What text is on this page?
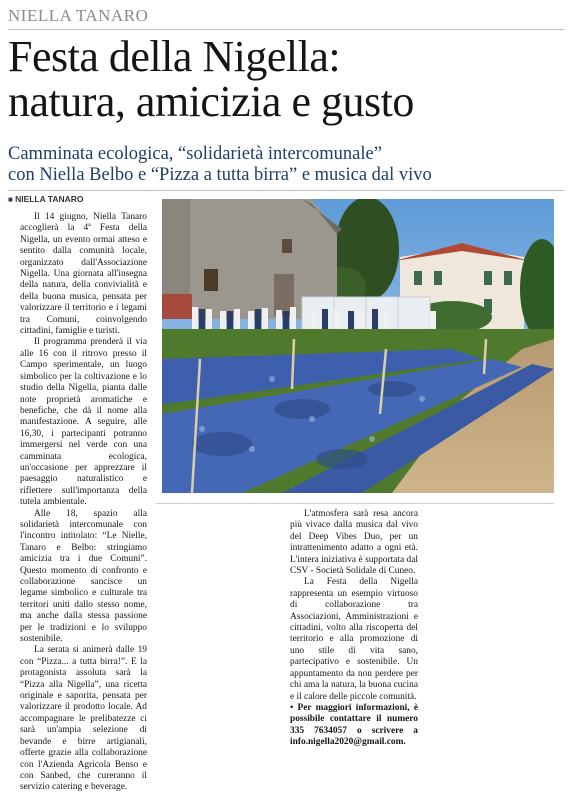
NIELLA TANARO
Festa della Nigella:
natura, amicizia e gusto
Camminata ecologica, “solidarietà intercomunale”
con Niella Belbo e “Pizza a tutta birra” e musica dal vivo
■ NIELLA TANARO

Il 14 giugno, Niella Tanaro accoglierà la 4ª Festa della Nigella, un evento ormai atteso e sentito dalla comunità locale, organizzato dall'Associazione Nigella. Una giornata all'insegna della natura, della convivialità e della buona musica, pensata per valorizzare il territorio e i legami tra Comuni, coinvolgendo cittadini, famiglie e turisti.

Il programma prenderà il via alle 16 con il ritrovo presso il Campo sperimentale, un luogo simbolico per la coltivazione e lo studio della Nigella, pianta dalle note proprietà aromatiche e benefiche, che dà il nome alla manifestazione. A seguire, alle 16,30, i partecipanti potranno immergersi nel verde con una camminata ecologica, un'occasione per apprezzare il paesaggio naturalistico e riflettere sull'importanza della tutela ambientale.

Alle 18, spazio alla solidarietà intercomunale con l'incontro intitolato: “Le Nielle, Tanaro e Belbo: stringiamo amicizia tra i due Comuni”. Questo momento di confronto e collaborazione sancisce un legame simbolico e culturale tra territori uniti dallo stesso nome, ma anche dalla stessa passione per le tradizioni e lo sviluppo sostenibile.

La serata si animerà dalle 19 con “Pizza... a tutta birra!”. E la protagonista assoluta sarà la “Pizza alla Nigella”, una ricetta originale e saporita, pensata per valorizzare il prodotto locale. Ad accompagnare le prelibatezze ci sarà un'ampia selezione di bevande e birre artigianali, offerte grazie alla collaborazione con l'Azienda Agricola Benso e con Sanbed, che cureranno il servizio catering e beverage.

L'atmosfera sarà resa ancora più vivace dalla musica dal vivo del Deep Vibes Duo, per un intrattenimento adatto a ogni età. L'intera iniziativa è supportata dal CSV - Società Solidale di Cuneo.

La Festa della Nigella rappresenta un esempio virtuoso di collaborazione tra Associazioni, Amministrazioni e cittadini, volto alla riscoperta del territorio e alla promozione di uno stile di vita sano, partecipativo e sostenibile. Un appuntamento da non perdere per chi ama la natura, la buona cucina e il calore delle piccole comunità.

• Per maggiori informazioni, è possibile contattare il numero 335 7634057 o scrivere a info.nigella2020@gmail.com.
